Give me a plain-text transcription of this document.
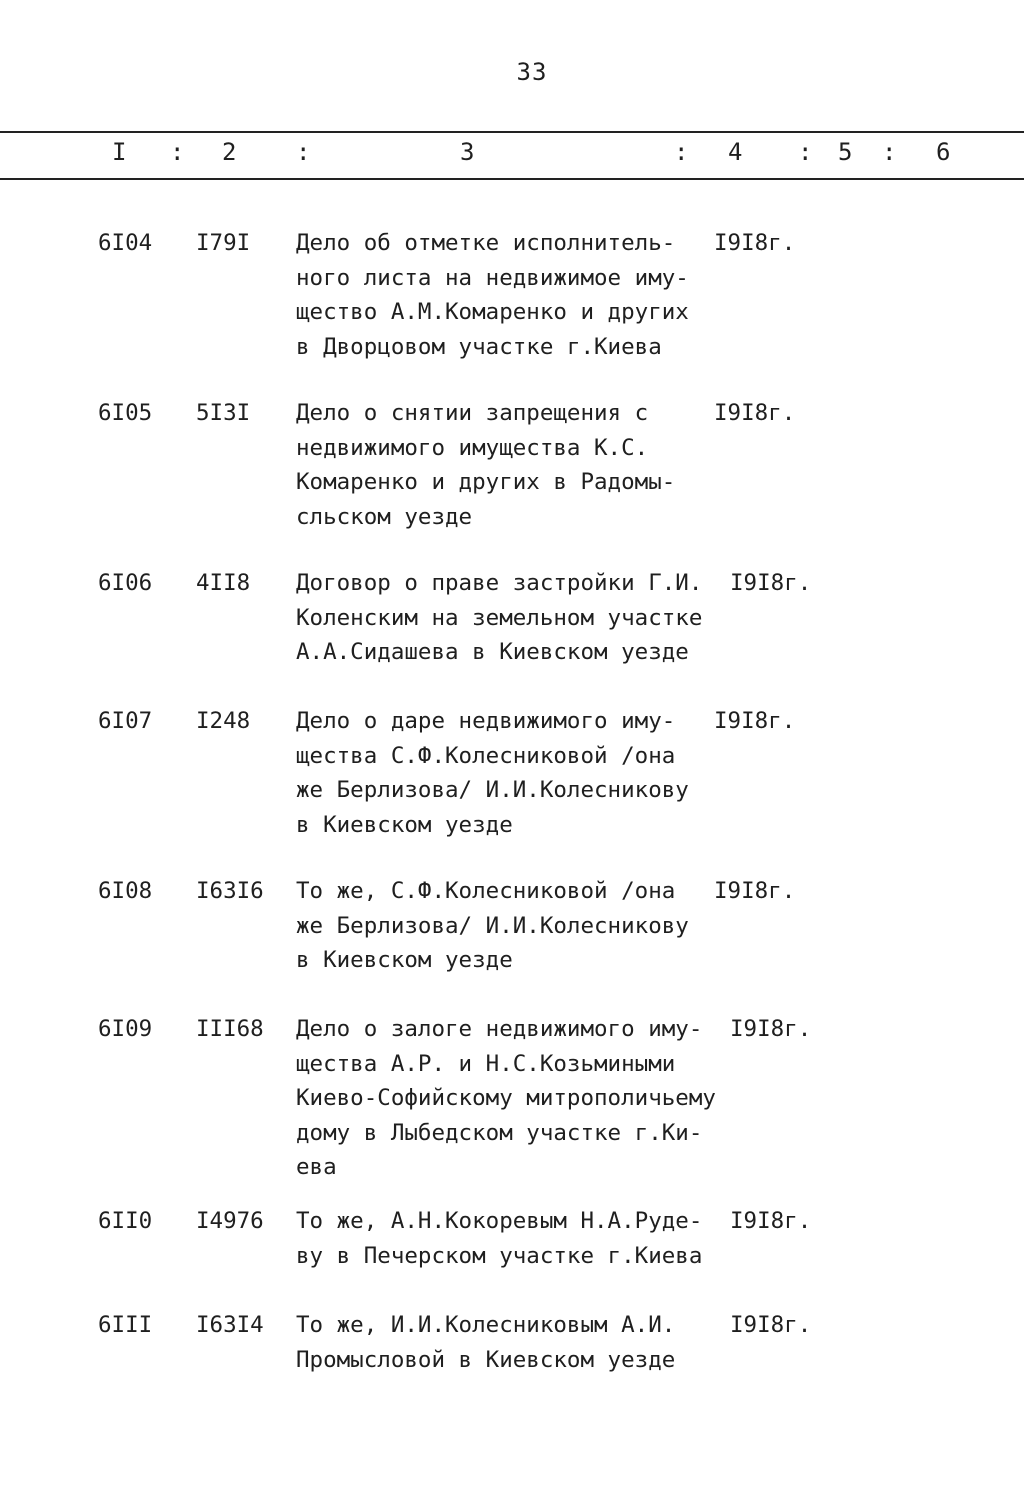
33
I : 2 :	3	: 4 : 5 : 6
6I04 I79I Дело об отметке исполнитель-
ного листа на недвижимое иму-
щество А.М.Комаренко и других
в Дворцовом участке г.Киева
I9I8г.
6I05 5I3I Дело о снятии запрещения с
недвижимого имущества К.С.
Комаренко и других в Радомы-
сльском уезде
I9I8г.
6I06 4II8 Договор о праве застройки Г.И.
Коленским на земельном участке
А.А.Сидашева в Киевском уезде
I9I8г.
6I07 I248 Дело о даре недвижимого иму-
щества С.Ф.Колесниковой /она
же Берлизова/ И.И.Колесникову
в Киевском уезде
I9I8г.
6I08 I63I6 То же, С.Ф.Колесниковой /она
же Берлизова/ И.И.Колесникову
в Киевском уезде
I9I8г.
6I09 III68 Дело о залоге недвижимого иму-
щества А.Р. и Н.С.Козьмиными
Киево-Софийскому митрополичьему
дому в Лыбедском участке г.Ки-
ева
I9I8г.
6II0 I4976 То же, А.Н.Кокоревым Н.А.Руде-
ву в Печерском участке г.Киева
I9I8г.
6III I63I4 То же, И.И.Колесниковым А.И.
Промысловой в Киевском уезде
I9I8г.
